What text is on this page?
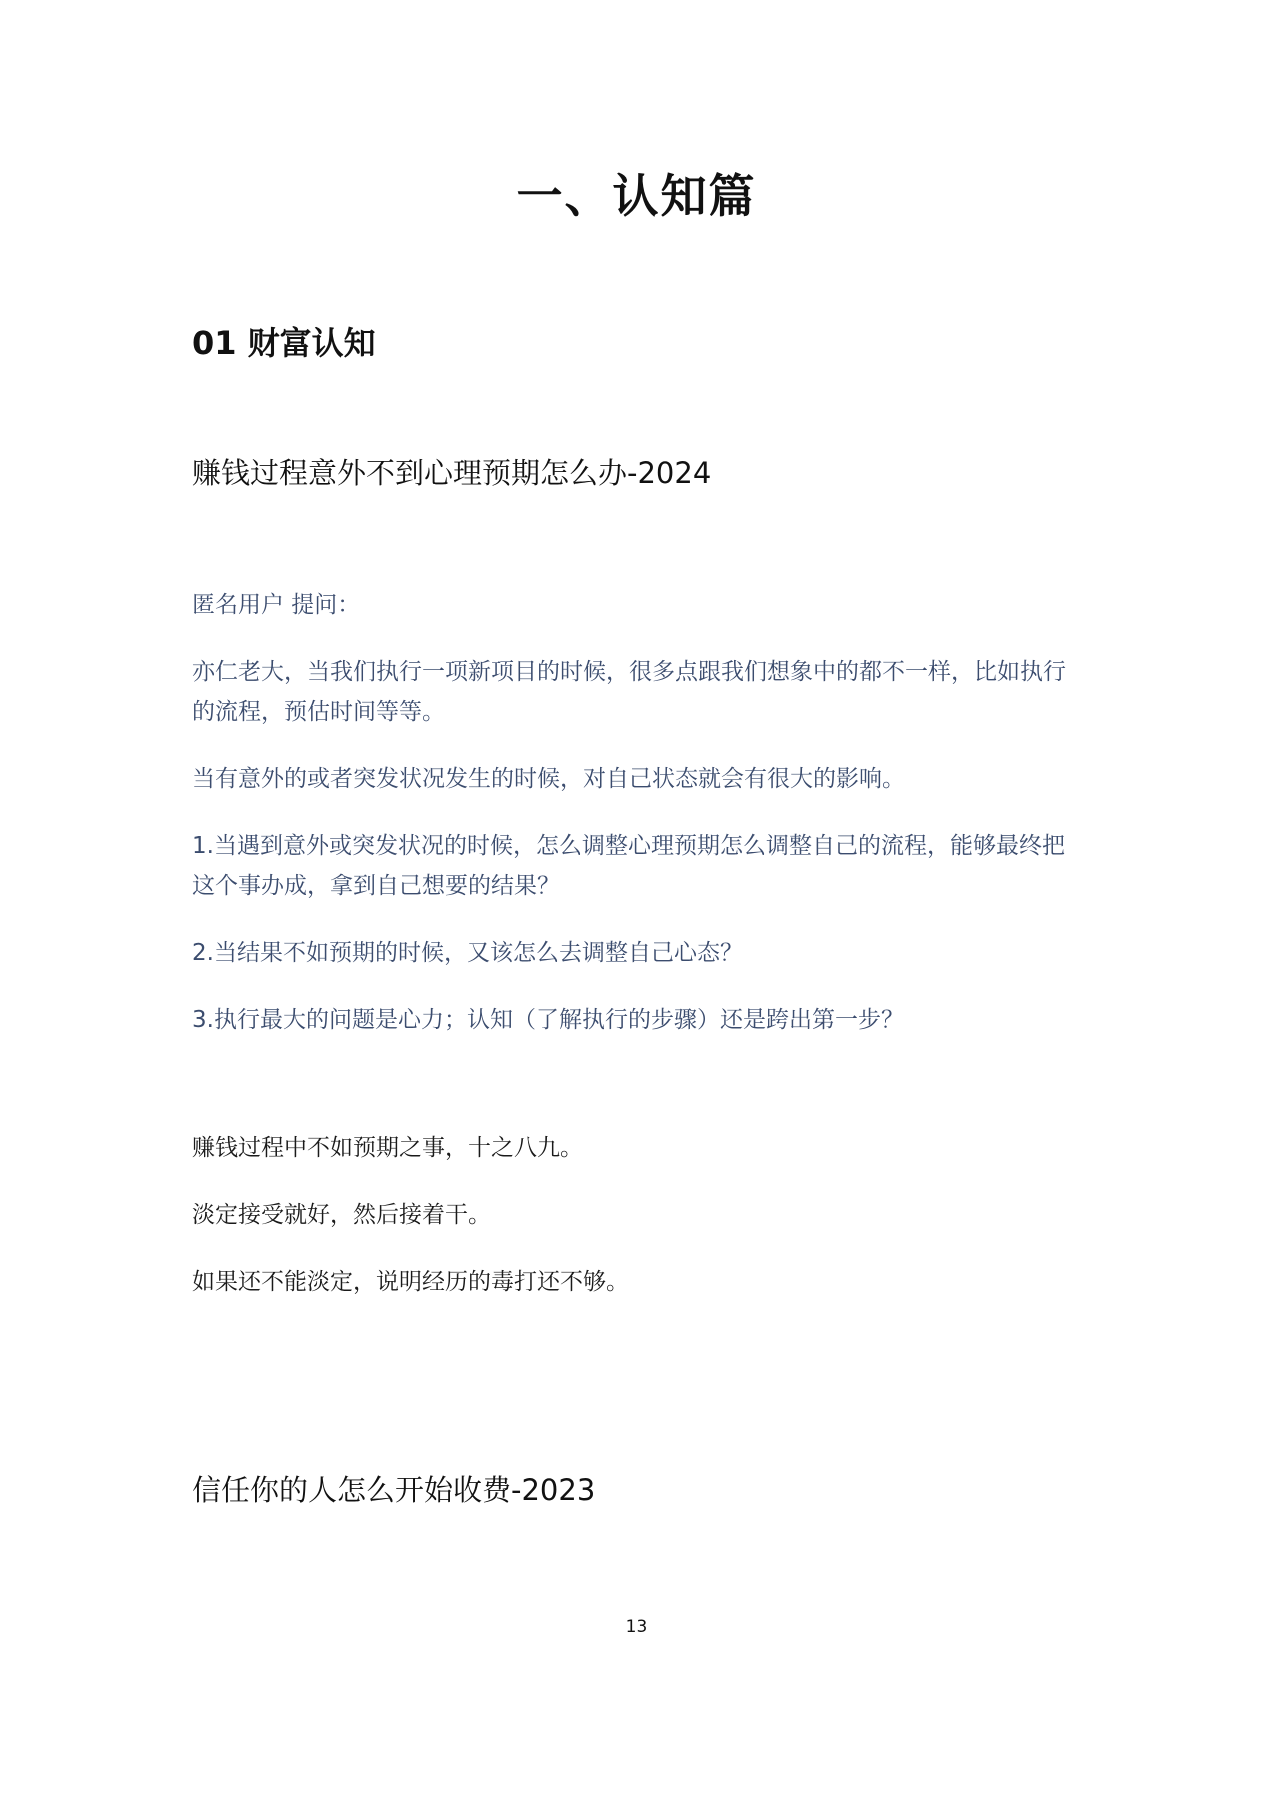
一、认知篇
01 财富认知
赚钱过程意外不到心理预期怎么办-2024

匿名用户 提问：

亦仁老大，当我们执行一项新项目的时候，很多点跟我们想象中的都不一样，比如执行的流程，预估时间等等。

当有意外的或者突发状况发生的时候，对自己状态就会有很大的影响。

1.当遇到意外或突发状况的时候，怎么调整心理预期怎么调整自己的流程，能够最终把这个事办成，拿到自己想要的结果？

2.当结果不如预期的时候，又该怎么去调整自己心态？

3.执行最大的问题是心力；认知（了解执行的步骤）还是跨出第一步？

赚钱过程中不如预期之事，十之八九。

淡定接受就好，然后接着干。

如果还不能淡定，说明经历的毒打还不够。

信任你的人怎么开始收费-2023
13
